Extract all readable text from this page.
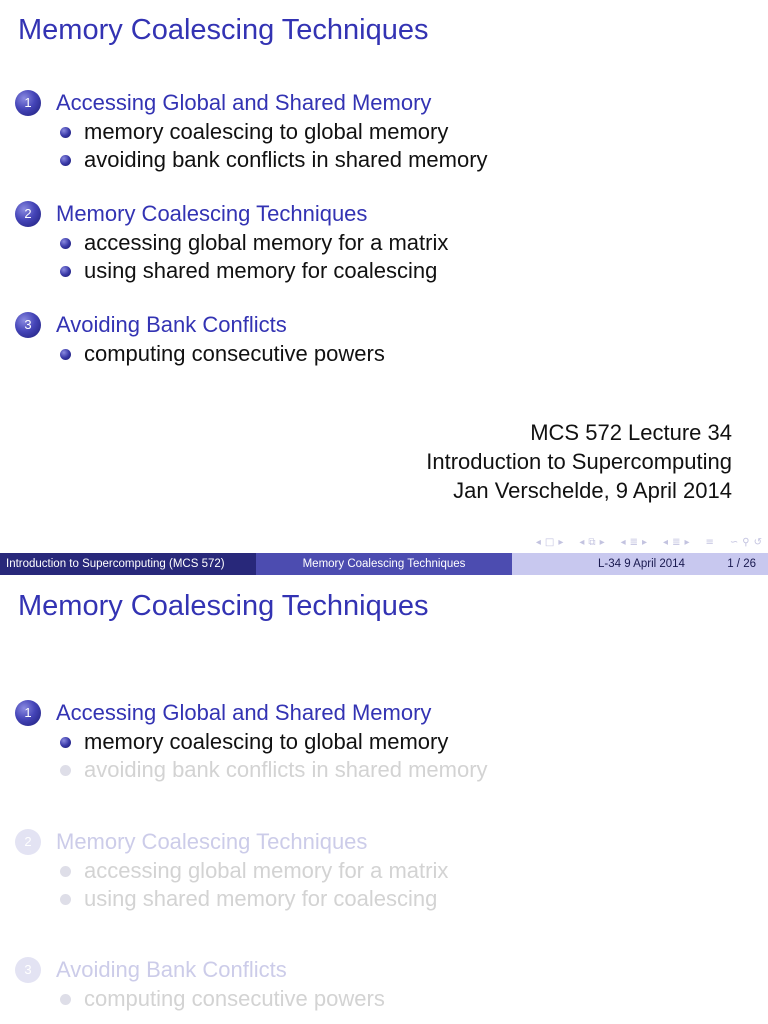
Memory Coalescing Techniques
1	Accessing Global and Shared Memory
memory coalescing to global memory
avoiding bank conflicts in shared memory
2	Memory Coalescing Techniques
accessing global memory for a matrix
using shared memory for coalescing
3	Avoiding Bank Conflicts
computing consecutive powers
MCS 572 Lecture 34
Introduction to Supercomputing
Jan Verschelde, 9 April 2014
◂ □ ▸ ◂ ⧉ ▸ ◂ ≣ ▸ ◂ ≣ ▸ ≡ ∽ ⚲ ↺
Introduction to Supercomputing (MCS 572)	Memory Coalescing Techniques	L-34 9 April 2014	1 / 26
Memory Coalescing Techniques
1	Accessing Global and Shared Memory
memory coalescing to global memory
avoiding bank conflicts in shared memory
2	Memory Coalescing Techniques
accessing global memory for a matrix
using shared memory for coalescing
3	Avoiding Bank Conflicts
computing consecutive powers
